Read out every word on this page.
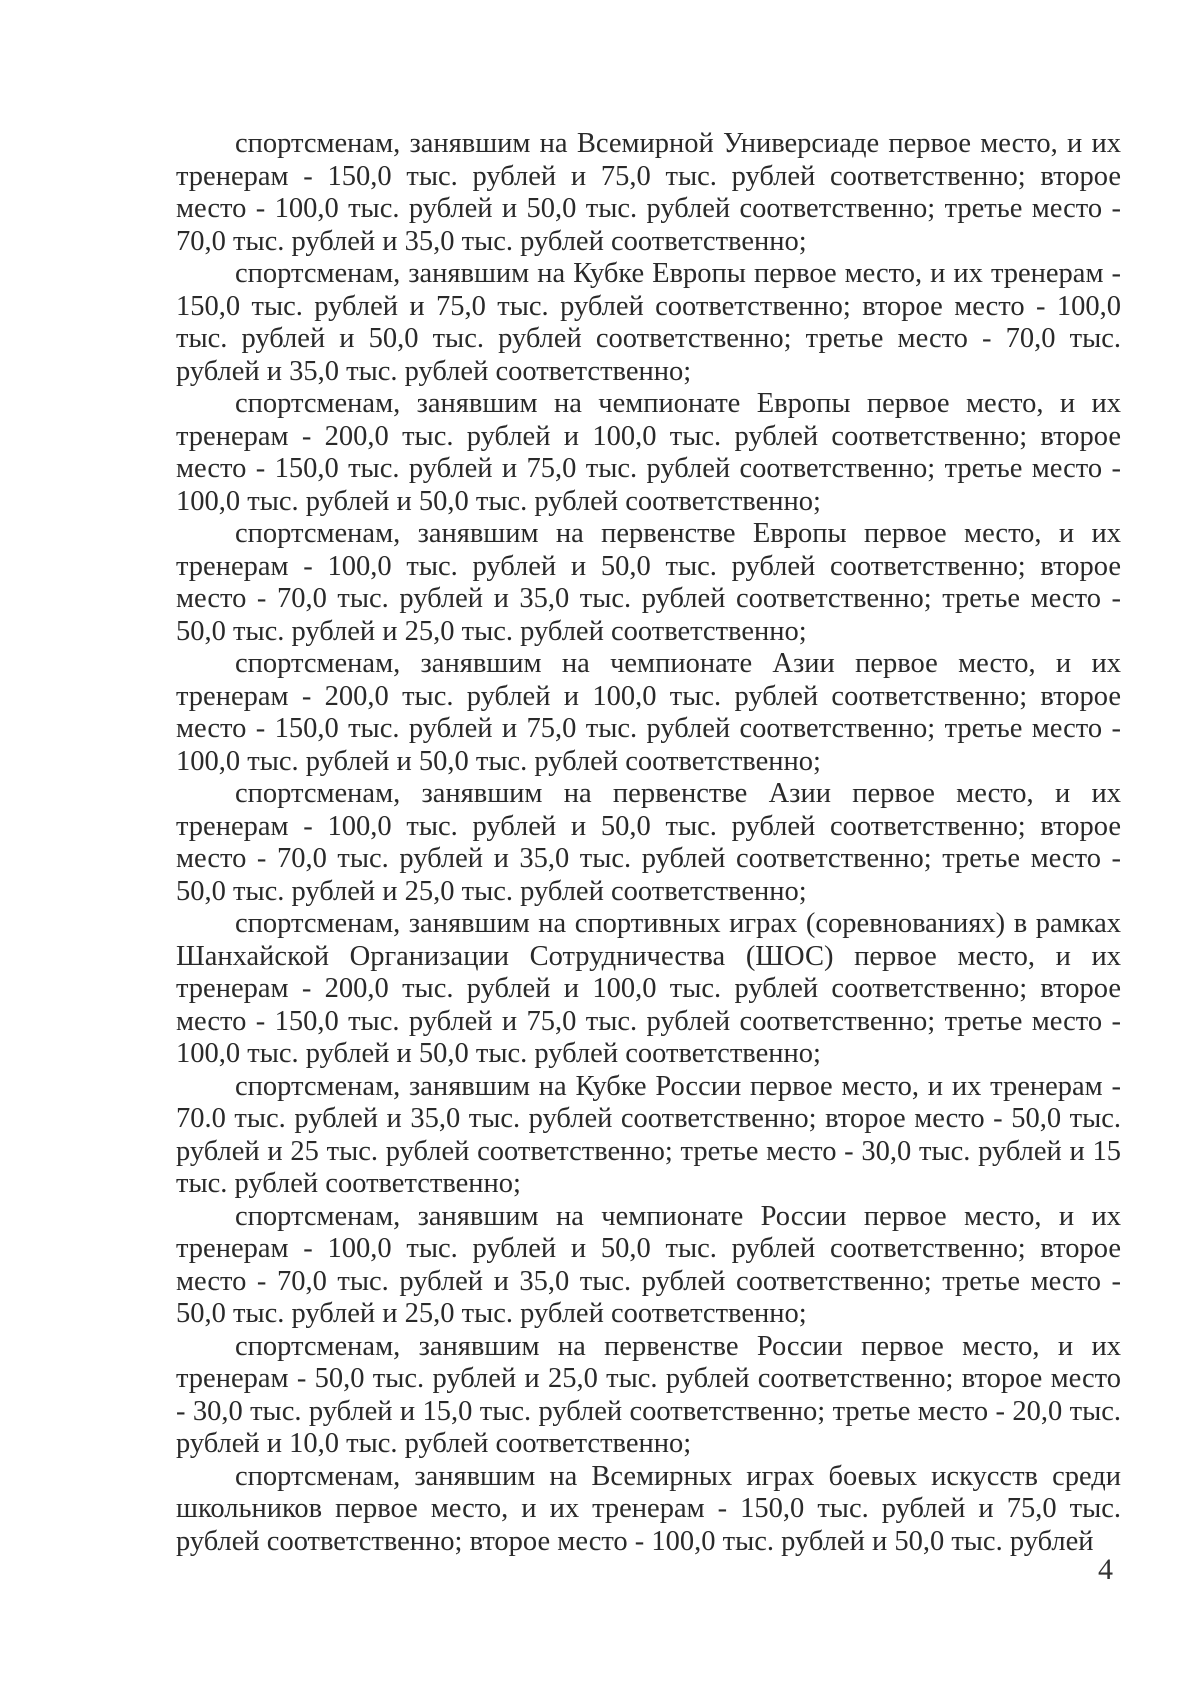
спортсменам, занявшим на Всемирной Универсиаде первое место, и их тренерам - 150,0 тыс. рублей и 75,0 тыс. рублей соответственно; второе место - 100,0 тыс. рублей и 50,0 тыс. рублей соответственно; третье место - 70,0 тыс. рублей и 35,0 тыс. рублей соответственно;

спортсменам, занявшим на Кубке Европы первое место, и их тренерам - 150,0 тыс. рублей и 75,0 тыс. рублей соответственно; второе место - 100,0 тыс. рублей и 50,0 тыс. рублей соответственно; третье место - 70,0 тыс. рублей и 35,0 тыс. рублей соответственно;

спортсменам, занявшим на чемпионате Европы первое место, и их тренерам - 200,0 тыс. рублей и 100,0 тыс. рублей соответственно; второе место - 150,0 тыс. рублей и 75,0 тыс. рублей соответственно; третье место - 100,0 тыс. рублей и 50,0 тыс. рублей соответственно;

спортсменам, занявшим на первенстве Европы первое место, и их тренерам - 100,0 тыс. рублей и 50,0 тыс. рублей соответственно; второе место - 70,0 тыс. рублей и 35,0 тыс. рублей соответственно; третье место - 50,0 тыс. рублей и 25,0 тыс. рублей соответственно;

спортсменам, занявшим на чемпионате Азии первое место, и их тренерам - 200,0 тыс. рублей и 100,0 тыс. рублей соответственно; второе место - 150,0 тыс. рублей и 75,0 тыс. рублей соответственно; третье место - 100,0 тыс. рублей и 50,0 тыс. рублей соответственно;

спортсменам, занявшим на первенстве Азии первое место, и их тренерам - 100,0 тыс. рублей и 50,0 тыс. рублей соответственно; второе место - 70,0 тыс. рублей и 35,0 тыс. рублей соответственно; третье место - 50,0 тыс. рублей и 25,0 тыс. рублей соответственно;

спортсменам, занявшим на спортивных играх (соревнованиях) в рамках Шанхайской Организации Сотрудничества (ШОС) первое место, и их тренерам - 200,0 тыс. рублей и 100,0 тыс. рублей соответственно; второе место - 150,0 тыс. рублей и 75,0 тыс. рублей соответственно; третье место - 100,0 тыс. рублей и 50,0 тыс. рублей соответственно;

спортсменам, занявшим на Кубке России первое место, и их тренерам - 70.0 тыс. рублей и 35,0 тыс. рублей соответственно; второе место - 50,0 тыс. рублей и 25 тыс. рублей соответственно; третье место - 30,0 тыс. рублей и 15 тыс. рублей соответственно;

спортсменам, занявшим на чемпионате России первое место, и их тренерам - 100,0 тыс. рублей и 50,0 тыс. рублей соответственно; второе место - 70,0 тыс. рублей и 35,0 тыс. рублей соответственно; третье место - 50,0 тыс. рублей и 25,0 тыс. рублей соответственно;

спортсменам, занявшим на первенстве России первое место, и их тренерам - 50,0 тыс. рублей и 25,0 тыс. рублей соответственно; второе место - 30,0 тыс. рублей и 15,0 тыс. рублей соответственно; третье место - 20,0 тыс. рублей и 10,0 тыс. рублей соответственно;

спортсменам, занявшим на Всемирных играх боевых искусств среди школьников первое место, и их тренерам - 150,0 тыс. рублей и 75,0 тыс. рублей соответственно; второе место - 100,0 тыс. рублей и 50,0 тыс. рублей

4
